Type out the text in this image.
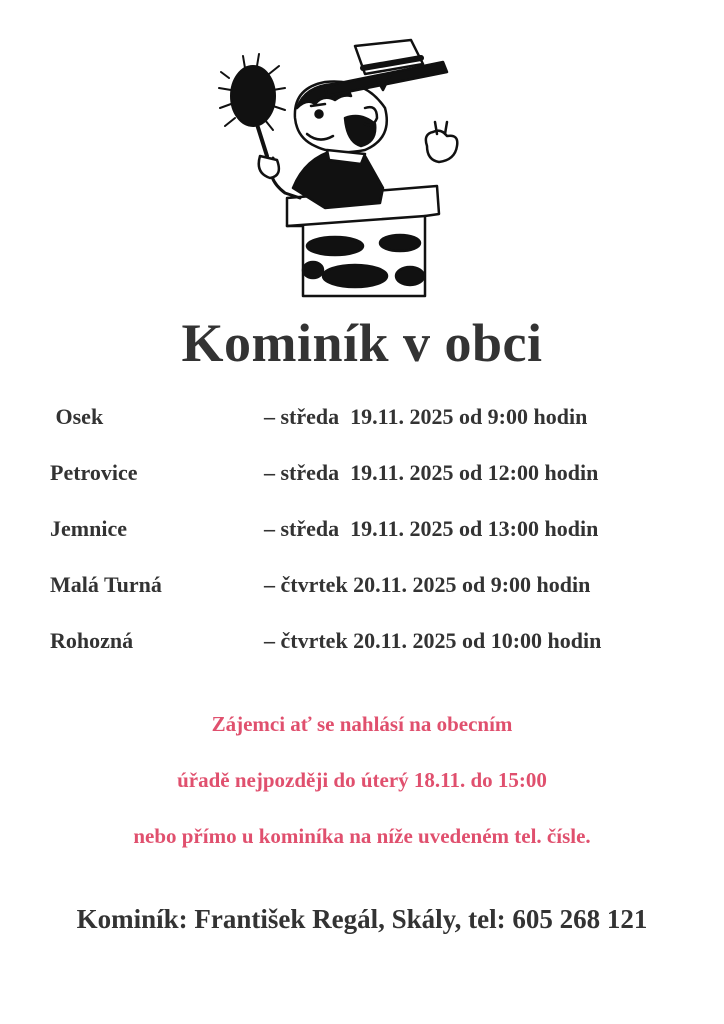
Kominík v obci
Osek	– středa  19.11. 2025 od 9:00 hodin
Petrovice	– středa  19.11. 2025 od 12:00 hodin
Jemnice	– středa  19.11. 2025 od 13:00 hodin
Malá Turná	– čtvrtek 20.11. 2025 od 9:00 hodin
Rohozná	– čtvrtek 20.11. 2025 od 10:00 hodin
Zájemci ať se nahlásí na obecním
úřadě nejpozději do úterý 18.11. do 15:00
nebo přímo u kominíka na níže uvedeném tel. čísle.
Kominík: František Regál, Skály, tel: 605 268 121
